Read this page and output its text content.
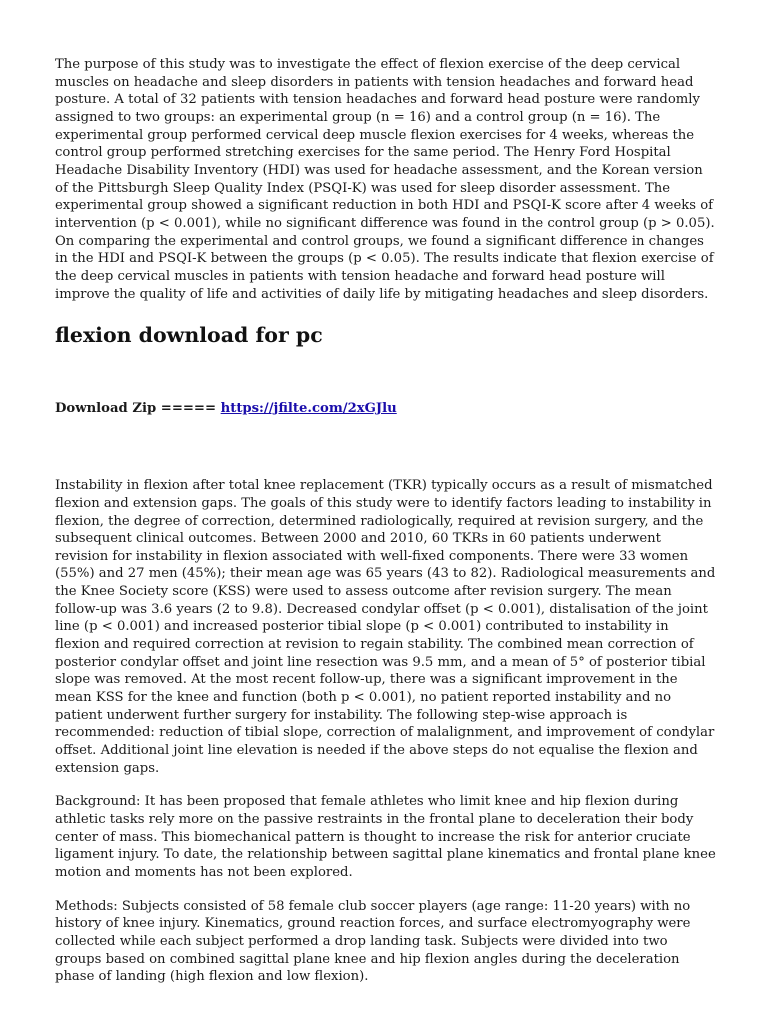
The purpose of this study was to investigate the effect of flexion exercise of the deep cervical muscles on headache and sleep disorders in patients with tension headaches and forward head posture. A total of 32 patients with tension headaches and forward head posture were randomly assigned to two groups: an experimental group (n = 16) and a control group (n = 16). The experimental group performed cervical deep muscle flexion exercises for 4 weeks, whereas the control group performed stretching exercises for the same period. The Henry Ford Hospital Headache Disability Inventory (HDI) was used for headache assessment, and the Korean version of the Pittsburgh Sleep Quality Index (PSQI-K) was used for sleep disorder assessment. The experimental group showed a significant reduction in both HDI and PSQI-K score after 4 weeks of intervention (p < 0.001), while no significant difference was found in the control group (p > 0.05). On comparing the experimental and control groups, we found a significant difference in changes in the HDI and PSQI-K between the groups (p < 0.05). The results indicate that flexion exercise of the deep cervical muscles in patients with tension headache and forward head posture will improve the quality of life and activities of daily life by mitigating headaches and sleep disorders.

flexion download for pc
Download Zip ===== https://jfilte.com/2xGJlu

Instability in flexion after total knee replacement (TKR) typically occurs as a result of mismatched flexion and extension gaps. The goals of this study were to identify factors leading to instability in flexion, the degree of correction, determined radiologically, required at revision surgery, and the subsequent clinical outcomes. Between 2000 and 2010, 60 TKRs in 60 patients underwent revision for instability in flexion associated with well-fixed components. There were 33 women (55%) and 27 men (45%); their mean age was 65 years (43 to 82). Radiological measurements and the Knee Society score (KSS) were used to assess outcome after revision surgery. The mean follow-up was 3.6 years (2 to 9.8). Decreased condylar offset (p < 0.001), distalisation of the joint line (p < 0.001) and increased posterior tibial slope (p < 0.001) contributed to instability in flexion and required correction at revision to regain stability. The combined mean correction of posterior condylar offset and joint line resection was 9.5 mm, and a mean of 5° of posterior tibial slope was removed. At the most recent follow-up, there was a significant improvement in the mean KSS for the knee and function (both p < 0.001), no patient reported instability and no patient underwent further surgery for instability. The following step-wise approach is recommended: reduction of tibial slope, correction of malalignment, and improvement of condylar offset. Additional joint line elevation is needed if the above steps do not equalise the flexion and extension gaps.

Background: It has been proposed that female athletes who limit knee and hip flexion during athletic tasks rely more on the passive restraints in the frontal plane to deceleration their body center of mass. This biomechanical pattern is thought to increase the risk for anterior cruciate ligament injury. To date, the relationship between sagittal plane kinematics and frontal plane knee motion and moments has not been explored.

Methods: Subjects consisted of 58 female club soccer players (age range: 11-20 years) with no history of knee injury. Kinematics, ground reaction forces, and surface electromyography were collected while each subject performed a drop landing task. Subjects were divided into two groups based on combined sagittal plane knee and hip flexion angles during the deceleration phase of landing (high flexion and low flexion).
